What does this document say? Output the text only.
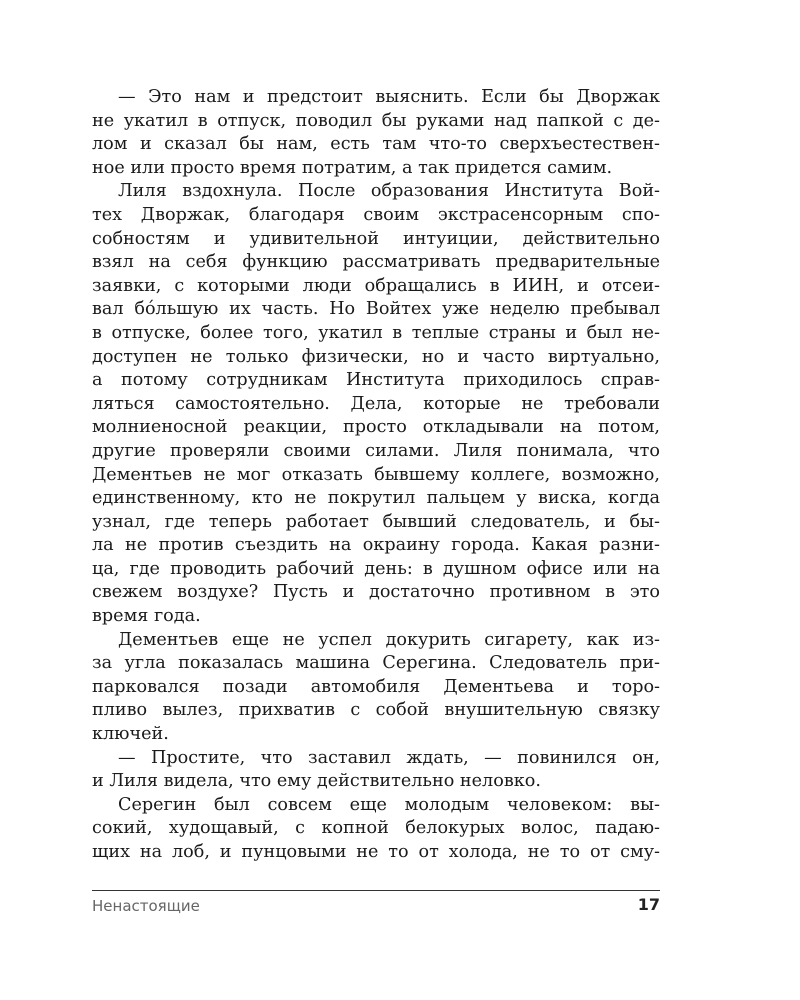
— Это нам и предстоит выяснить. Если бы Дворжак
не укатил в отпуск, поводил бы руками над папкой с де-
лом и сказал бы нам, есть там что-то сверхъестествен-
ное или просто время потратим, а так придется самим.
Лиля вздохнула. После образования Института Вой-
тех Дворжак, благодаря своим экстрасенсорным спо-
собностям и удивительной интуиции, действительно
взял на себя функцию рассматривать предварительные
заявки, с которыми люди обращались в ИИН, и отсеи-
вал бóльшую их часть. Но Войтех уже неделю пребывал
в отпуске, более того, укатил в теплые страны и был не-
доступен не только физически, но и часто виртуально,
а потому сотрудникам Института приходилось справ-
ляться самостоятельно. Дела, которые не требовали
молниеносной реакции, просто откладывали на потом,
другие проверяли своими силами. Лиля понимала, что
Дементьев не мог отказать бывшему коллеге, возможно,
единственному, кто не покрутил пальцем у виска, когда
узнал, где теперь работает бывший следователь, и бы-
ла не против съездить на окраину города. Какая разни-
ца, где проводить рабочий день: в душном офисе или на
свежем воздухе? Пусть и достаточно противном в это
время года.
Дементьев еще не успел докурить сигарету, как из-
за угла показалась машина Серегина. Следователь при-
парковался позади автомобиля Дементьева и торо-
пливо вылез, прихватив с собой внушительную связку
ключей.
— Простите, что заставил ждать, — повинился он,
и Лиля видела, что ему действительно неловко.
Серегин был совсем еще молодым человеком: вы-
сокий, худощавый, с копной белокурых волос, падаю-
щих на лоб, и пунцовыми не то от холода, не то от сму-
Ненастоящие	17
